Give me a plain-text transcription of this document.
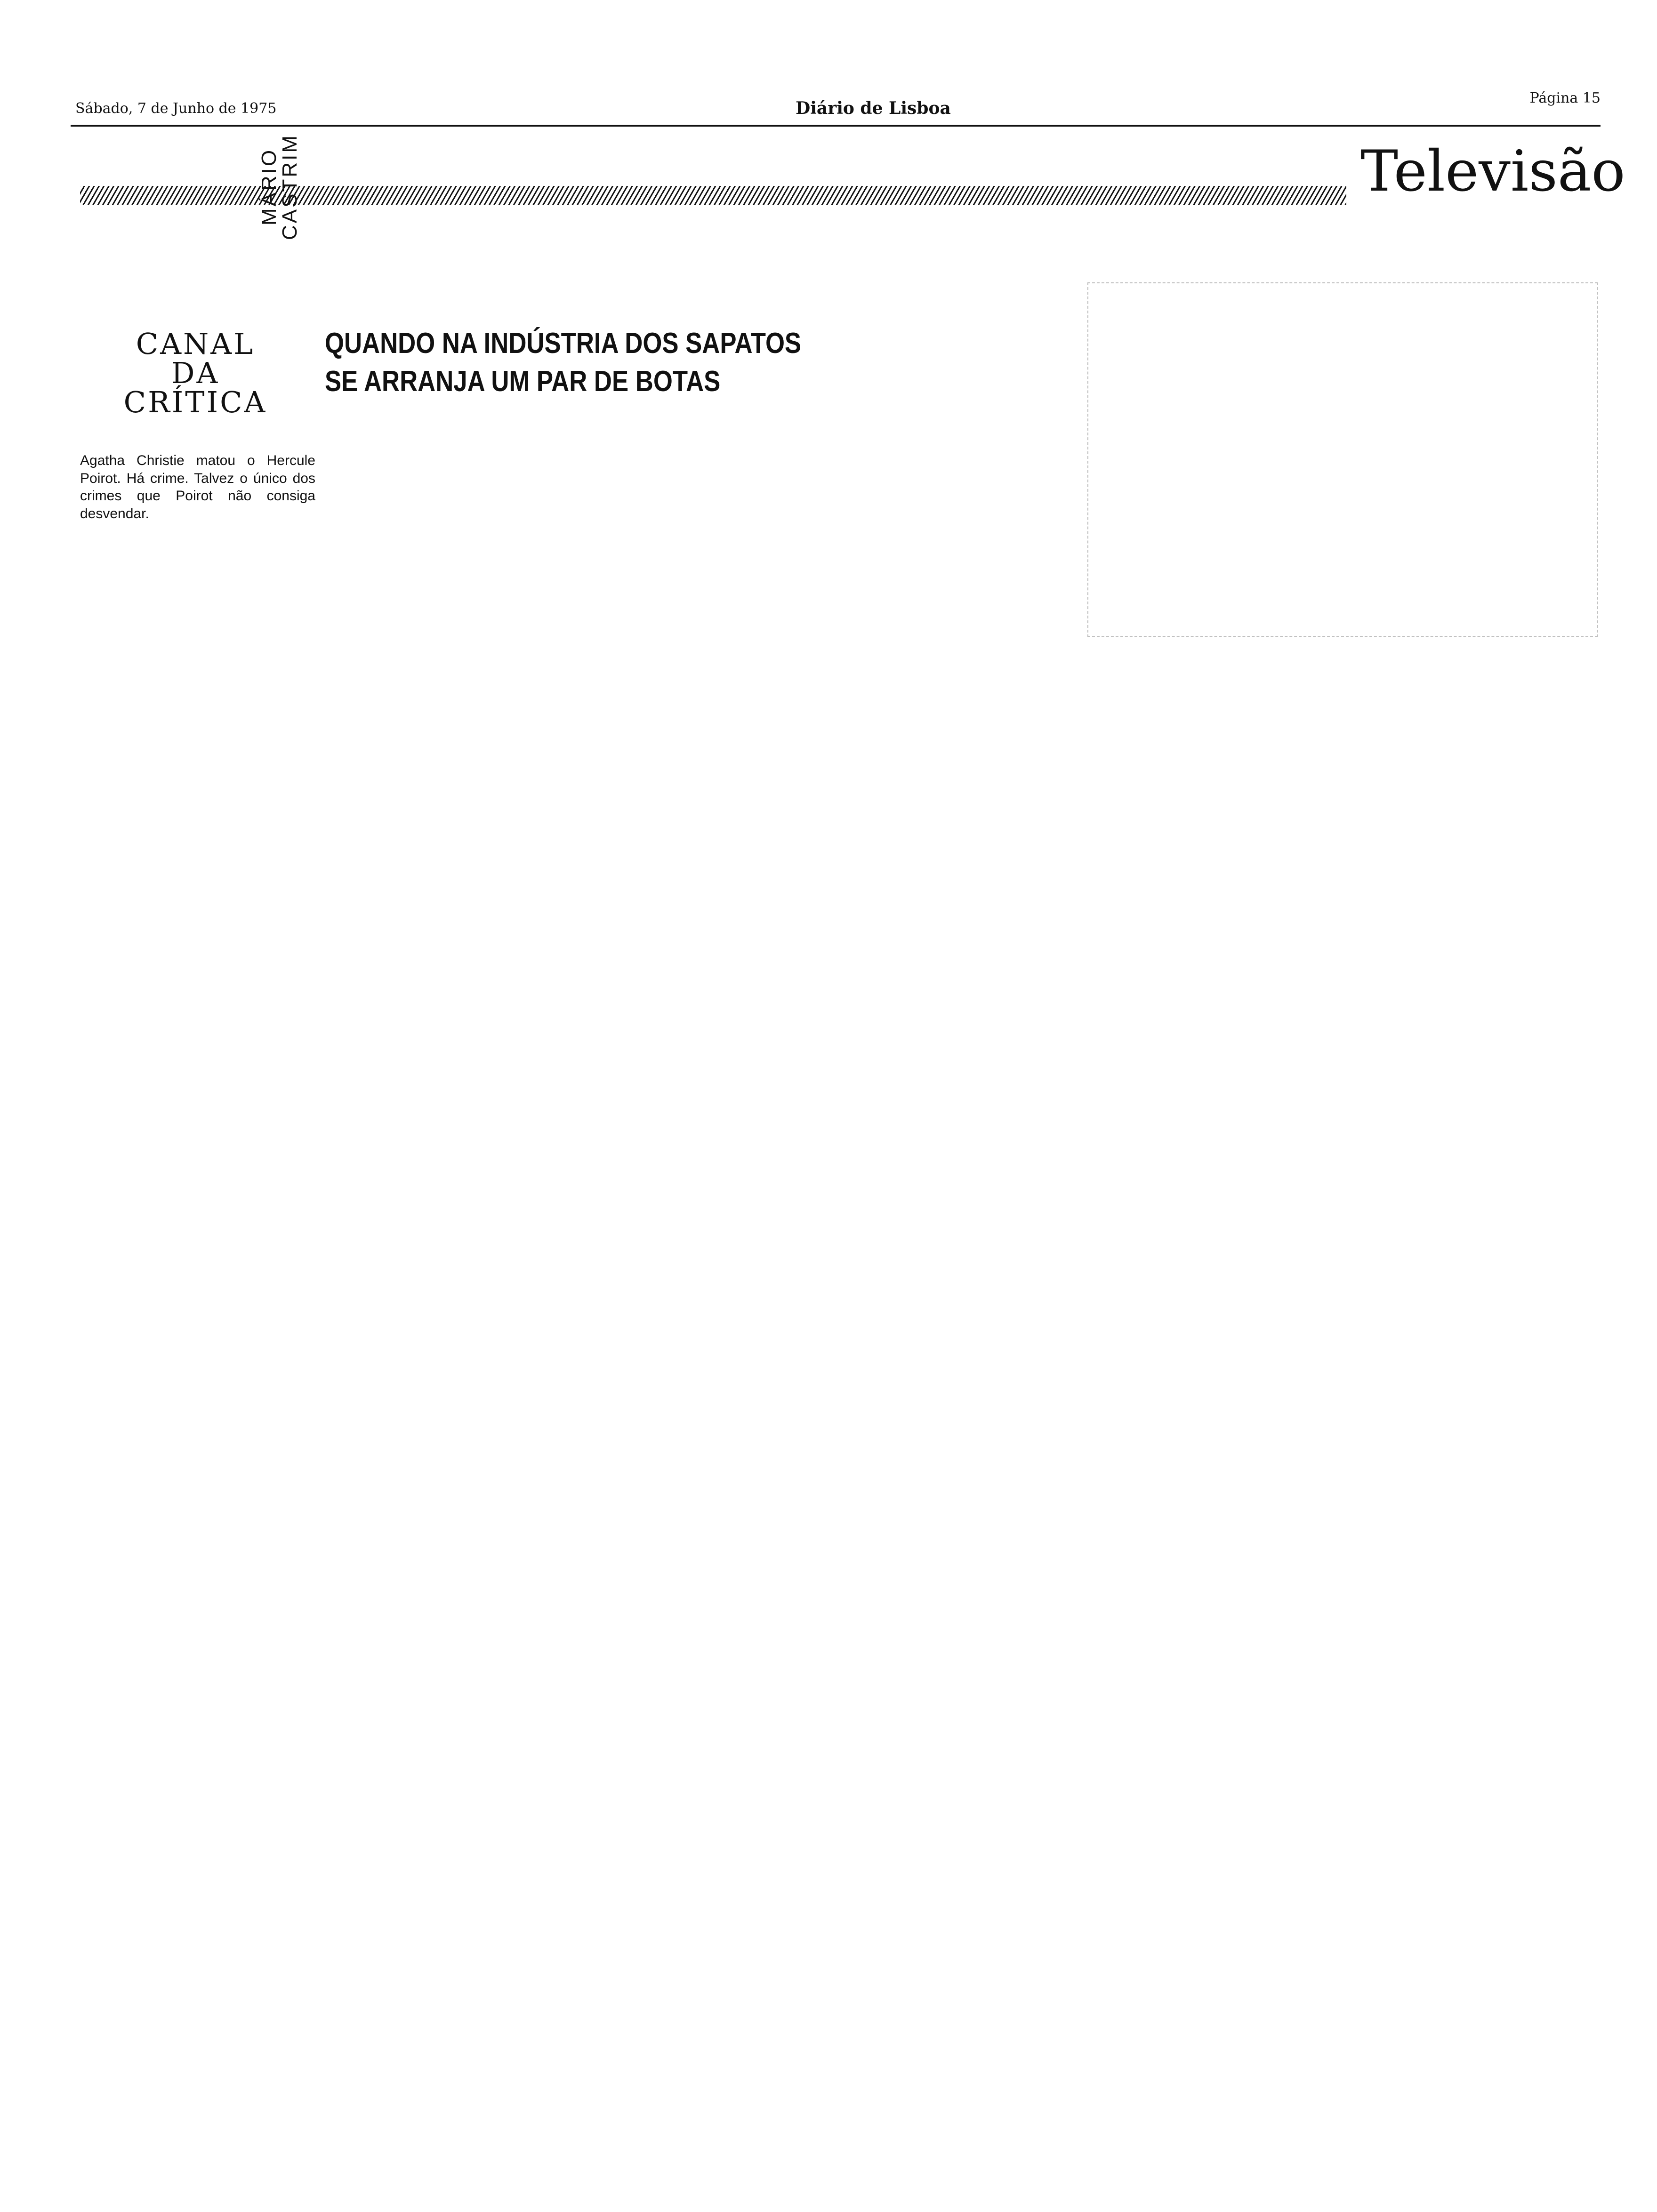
Sábado, 7 de Junho de 1975	Diário de Lisboa
Página 15
Televisão
CANAL
DA
CRÍTICA
MÁRIO CASTRIM
QUANDO NA INDÚSTRIA DOS SAPATOS
SE ARRANJA UM PAR DE BOTAS

Agatha Christie matou o Hercule Poirot. Há crime. Talvez o único dos crimes que Poirot não consiga desvendar.
